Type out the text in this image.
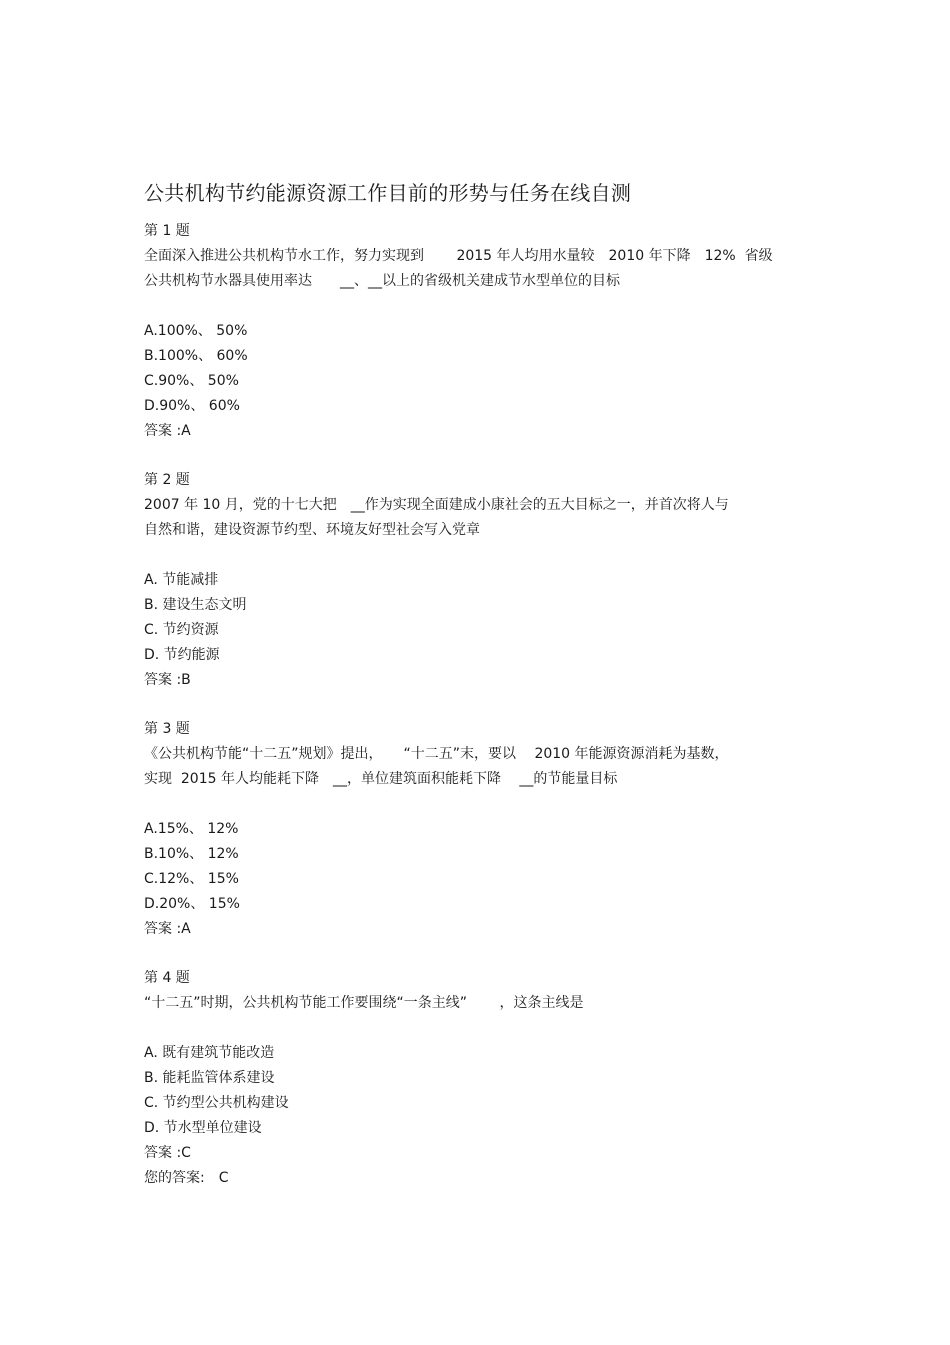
公共机构节约能源资源工作目前的形势与任务在线自测
第 1 题
全面深入推进公共机构节水工作，努力实现到　　 2015 年人均用水量较　2010 年下降　12%  省级
公共机构节水器具使用率达　　__、__以上的省级机关建成节水型单位的目标
A.100%、 50%
B.100%、 60%
C.90%、 50%
D.90%、 60%
答案 :A
第 2 题
2007 年 10 月，党的十七大把　__作为实现全面建成小康社会的五大目标之一，并首次将人与
自然和谐，建设资源节约型、环境友好型社会写入党章
A. 节能减排
B. 建设生态文明
C. 节约资源
D. 节约能源
答案 :B
第 3 题
《公共机构节能“十二五”规划》提出，　　“十二五”末，要以　 2010 年能源资源消耗为基数，
实现  2015 年人均能耗下降　__，单位建筑面积能耗下降　 __的节能量目标
A.15%、 12%
B.10%、 12%
C.12%、 15%
D.20%、 15%
答案 :A
第 4 题
“十二五”时期，公共机构节能工作要围绕“一条主线”　　 ，这条主线是
A. 既有建筑节能改造
B. 能耗监管体系建设
C. 节约型公共机构建设
D. 节水型单位建设
答案 :C
您的答案:　C
